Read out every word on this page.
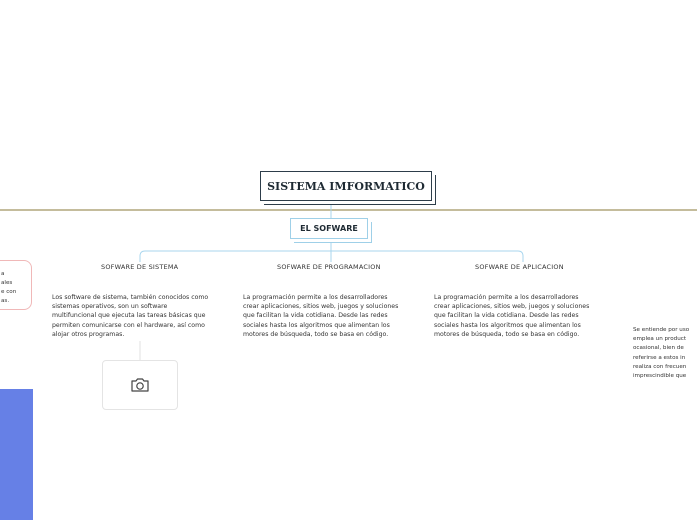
SISTEMA IMFORMATICO
EL SOFWARE
SOFWARE DE SISTEMA
Los software de sistema, también conocidos como
sistemas operativos, son un software
multifuncional que ejecuta las tareas básicas que
permiten comunicarse con el hardware, así como
alojar otros programas.
SOFWARE DE PROGRAMACION
La programación permite a los desarrolladores
crear aplicaciones, sitios web, juegos y soluciones
que facilitan la vida cotidiana. Desde las redes
sociales hasta los algoritmos que alimentan los
motores de búsqueda, todo se basa en código.
SOFWARE DE APLICACION
La programación permite a los desarrolladores
crear aplicaciones, sitios web, juegos y soluciones
que facilitan la vida cotidiana. Desde las redes
sociales hasta los algoritmos que alimentan los
motores de búsqueda, todo se basa en código.
a
ales
e con
as.
Se entiende por uso
emplea un product
ocasional, bien de
referirse a estos in
realiza con frecuen
imprescindible que
